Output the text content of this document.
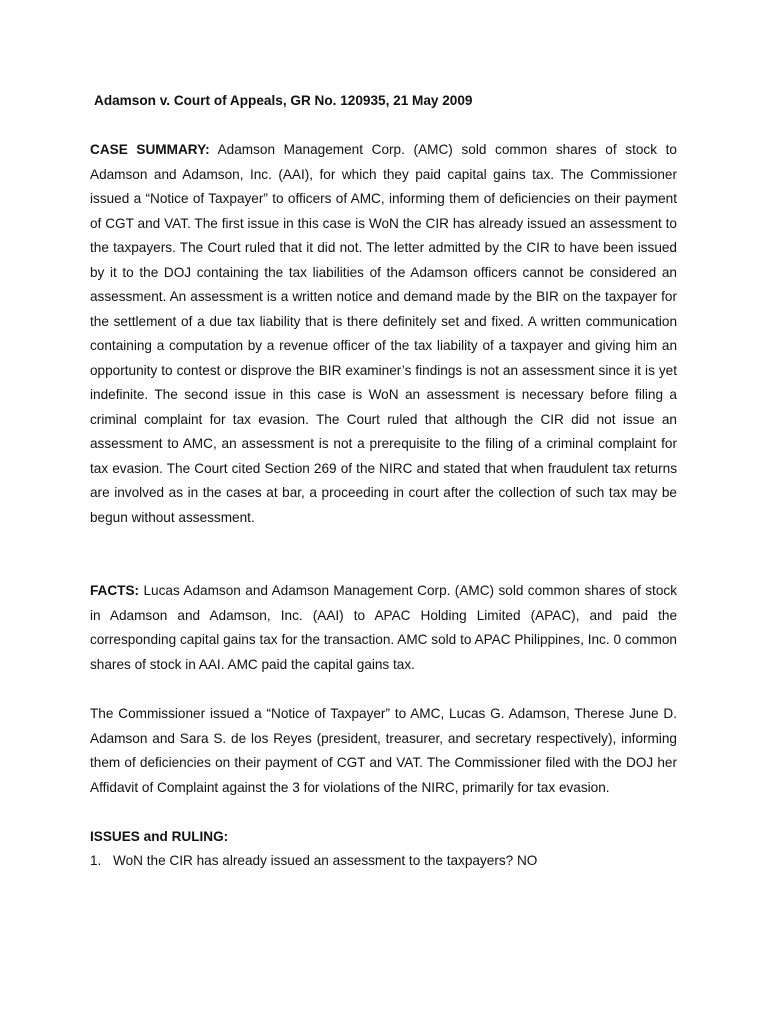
Adamson v. Court of Appeals, GR No. 120935, 21 May 2009

CASE SUMMARY: Adamson Management Corp. (AMC) sold common shares of stock to Adamson and Adamson, Inc. (AAI), for which they paid capital gains tax. The Commissioner issued a “Notice of Taxpayer” to officers of AMC, informing them of deficiencies on their payment of CGT and VAT. The first issue in this case is WoN the CIR has already issued an assessment to the taxpayers. The Court ruled that it did not. The letter admitted by the CIR to have been issued by it to the DOJ containing the tax liabilities of the Adamson officers cannot be considered an assessment. An assessment is a written notice and demand made by the BIR on the taxpayer for the settlement of a due tax liability that is there definitely set and fixed. A written communication containing a computation by a revenue officer of the tax liability of a taxpayer and giving him an opportunity to contest or disprove the BIR examiner’s findings is not an assessment since it is yet indefinite. The second issue in this case is WoN an assessment is necessary before filing a criminal complaint for tax evasion. The Court ruled that although the CIR did not issue an assessment to AMC, an assessment is not a prerequisite to the filing of a criminal complaint for tax evasion. The Court cited Section 269 of the NIRC and stated that when fraudulent tax returns are involved as in the cases at bar, a proceeding in court after the collection of such tax may be begun without assessment.

FACTS: Lucas Adamson and Adamson Management Corp. (AMC) sold common shares of stock in Adamson and Adamson, Inc. (AAI) to APAC Holding Limited (APAC), and paid the corresponding capital gains tax for the transaction. AMC sold to APAC Philippines, Inc. 0 common shares of stock in AAI. AMC paid the capital gains tax.

The Commissioner issued a “Notice of Taxpayer” to AMC, Lucas G. Adamson, Therese June D. Adamson and Sara S. de los Reyes (president, treasurer, and secretary respectively), informing them of deficiencies on their payment of CGT and VAT. The Commissioner filed with the DOJ her Affidavit of Complaint against the 3 for violations of the NIRC, primarily for tax evasion.

ISSUES and RULING:
1. WoN the CIR has already issued an assessment to the taxpayers? NO
